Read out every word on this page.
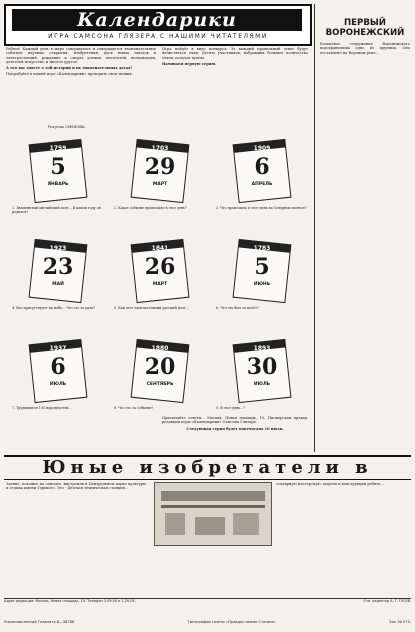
Календарики
ИГРА САМСОНА ГЛЯЗЕРА С НАШИМИ ЧИТАТЕЛЯМИ

Ребята! Каждый день в мире совершались и совершаются знаменательные события: научные открытия, изобретения, пуск новых заводов и электростанций, рождение и смерть ученых, писателей, полководцев, деятелей искусства, и многое другое.

А что вы знаете о той истории и их знаменательных датах?

Попробуйте в нашей игре «Календарики» проверить свои знания.

Игра пойдёт в виде конкурса. За каждый правильный ответ будут начисляться очки. Десять участников, набравших большее количество очков, получат призы.

Начинаем первую серию.

Рисунок СМЕХОВА.
ПЕРВЫЙ ВОРОНЕЖСКИЙ

Кольцевое сооружение Воронежского водохранилища одно из крупных. Оно поставлено на Воронеж-реке...

1759
5
ЯНВАРЬ
1. Знаменитый английский поэт... В каком году он родился?
1703
29
МАРТ
2. Какое событие произошло в этот день?
1909
6
АПРЕЛЬ
3. Что произошло в этот день на Северном полюсе?
1923
23
МАЙ
4. Все присутствуют на небе... Что это за дата?
1841
26
МАРТ
5. Как этот замечательный русский поэт...
1783
5
ИЮНЬ
6. Что это был за полёт?
1937
6
ИЮЛЬ
7. Трудящиеся 193 народностей...
1880
20
СЕНТЯБРЬ
8. Что это за событие?
1893
30
ИЮЛЬ
9. В этот день...?

Присылайте ответы... Москва, Новая площадь, 10, Пионерская правда, редакция игры «Календарики» Самсона Глязера.

Следующая серия будет напечатана 10 июля.

Юные изобретатели в

Здание, похожее на самолет, выстроили в Центральном парке культуры и отдыха имени Горького. Это - Детская техническая станция...

столярную мастерскую, модели и конструкции ребята...

Адрес редакции: Москва, Новая площадь, 10. Телефон 3-09-04 и 1-20-04.	Отв. редактор А. Г. ГУСЕВ.
Уполномоченный Главлита В—38786	Типография газеты «Правда» имени Сталина.	Зак. № 573.
